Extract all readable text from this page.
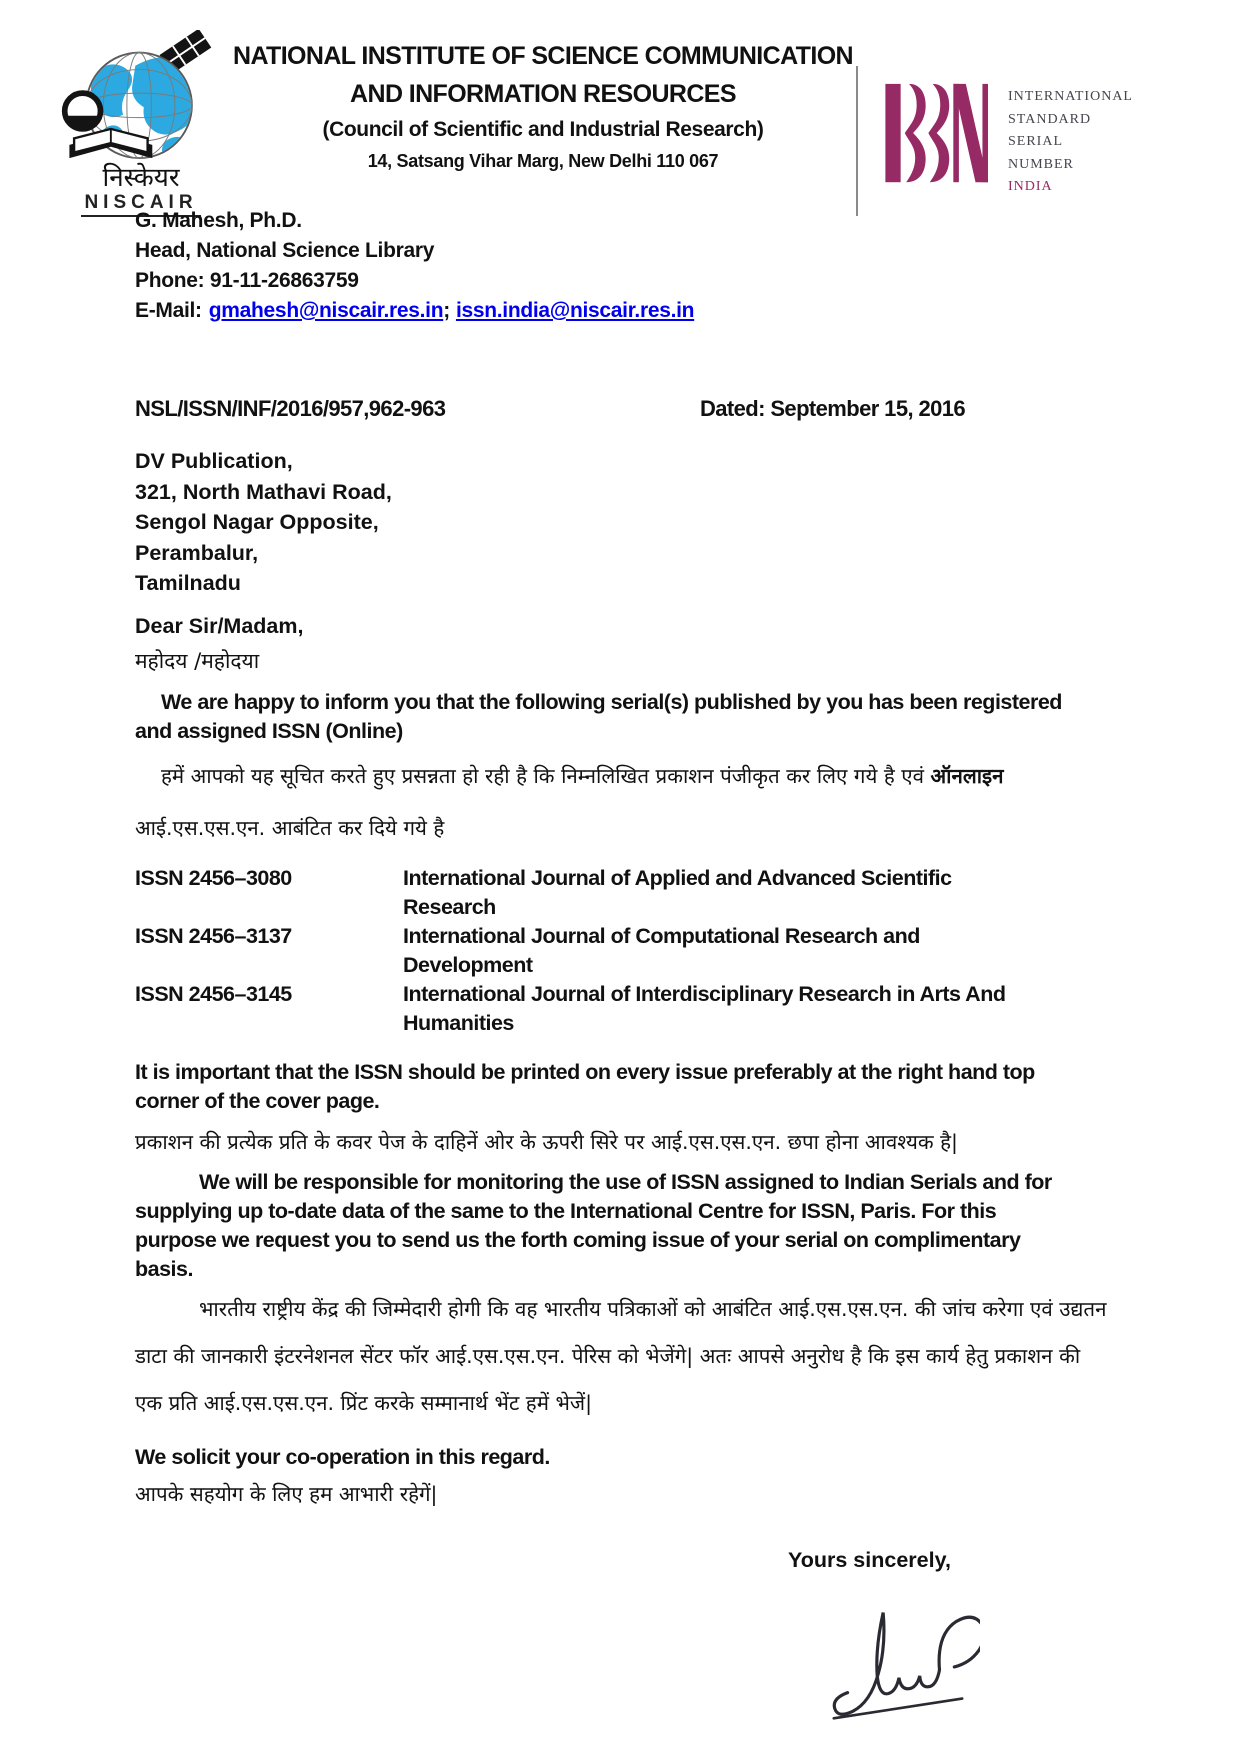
निस्केयर
NISCAIR
NATIONAL INSTITUTE OF SCIENCE COMMUNICATION
AND INFORMATION RESOURCES
(Council of Scientific and Industrial Research)
14, Satsang Vihar Marg, New Delhi 110 067
INTERNATIONAL
STANDARD
SERIAL
NUMBER
INDIA
G. Mahesh, Ph.D.
Head, National Science Library
Phone: 91-11-26863759
E-Mail: gmahesh@niscair.res.in; issn.india@niscair.res.in
NSL/ISSN/INF/2016/957,962-963	Dated: September 15, 2016
DV Publication,
321, North Mathavi Road,
Sengol Nagar Opposite,
Perambalur,
Tamilnadu
Dear Sir/Madam,
महोदय /महोदया
We are happy to inform you that the following serial(s) published by you has been registered and assigned ISSN (Online)
हमें आपको यह सूचित करते हुए प्रसन्नता हो रही है कि निम्नलिखित प्रकाशन पंजीकृत कर लिए गये है एवं ऑनलाइन आई.एस.एस.एन. आबंटित कर दिये गये है
ISSN 2456–3080	International Journal of Applied and Advanced Scientific Research
ISSN 2456–3137	International Journal of Computational Research and Development
ISSN 2456–3145	International Journal of Interdisciplinary Research in Arts And Humanities
It is important that the ISSN should be printed on every issue preferably at the right hand top corner of the cover page.
प्रकाशन की प्रत्येक प्रति के कवर पेज के दाहिनें ओर के ऊपरी सिरे पर आई.एस.एस.एन. छपा होना आवश्यक है|
We will be responsible for monitoring the use of ISSN assigned to Indian Serials and for supplying up to-date data of the same to the International Centre for ISSN, Paris. For this purpose we request you to send us the forth coming issue of your serial on complimentary basis.
भारतीय राष्ट्रीय केंद्र की जिम्मेदारी होगी कि वह भारतीय पत्रिकाओं को आबंटित आई.एस.एस.एन. की जांच करेगा एवं उद्यतन डाटा की जानकारी इंटरनेशनल सेंटर फॉर आई.एस.एस.एन. पेरिस को भेजेंगे| अतः आपसे अनुरोध है कि इस कार्य हेतु प्रकाशन की एक प्रति आई.एस.एस.एन. प्रिंट करके सम्मानार्थ भेंट हमें भेजें|
We solicit your co-operation in this regard.
आपके सहयोग के लिए हम आभारी रहेगें|
Yours sincerely,
